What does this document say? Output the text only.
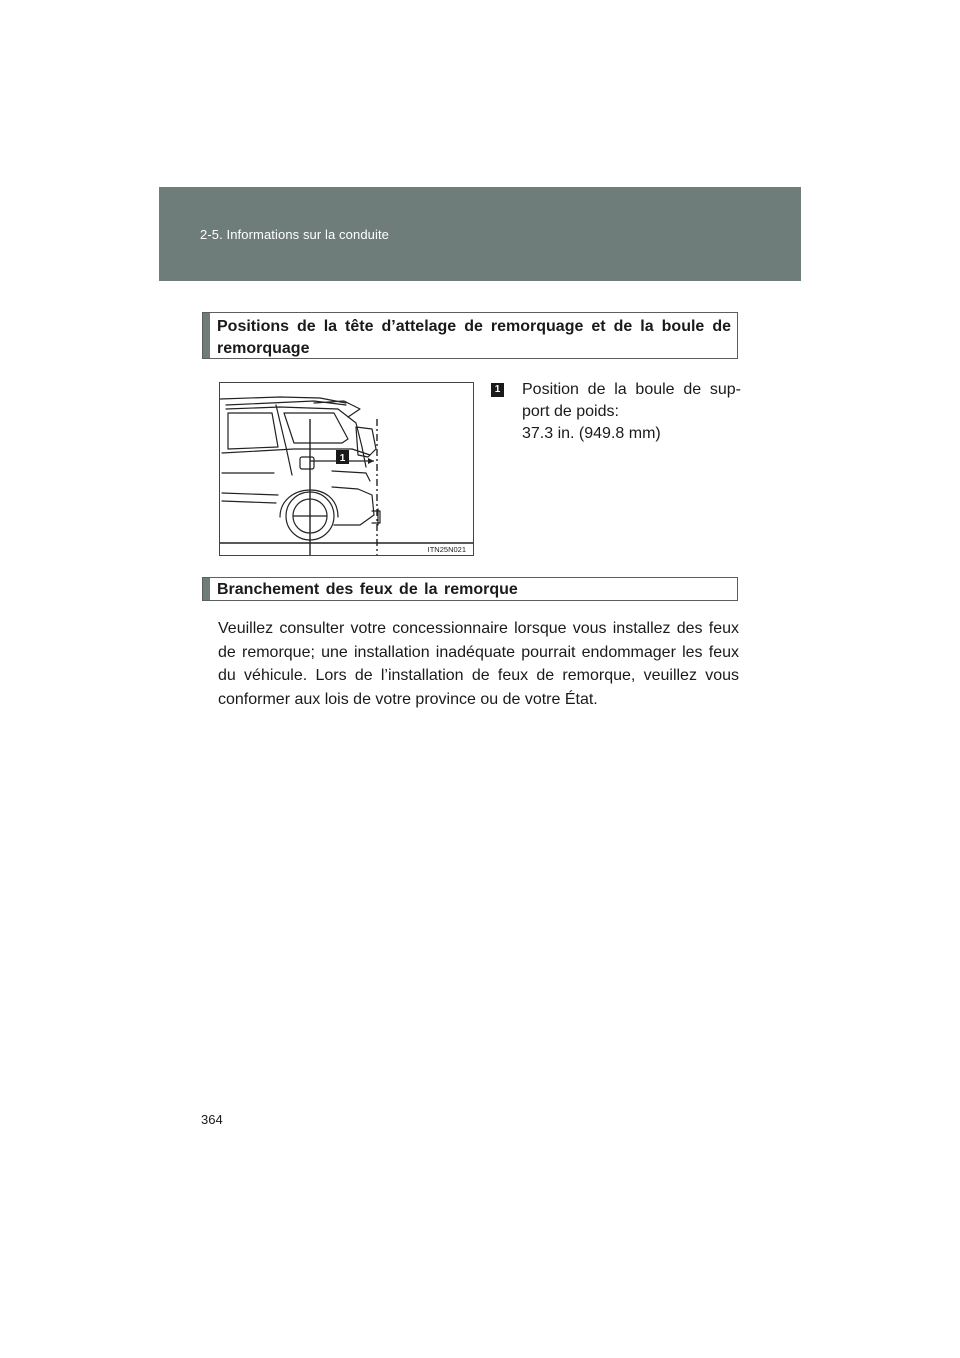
2-5. Informations sur la conduite
Positions de la tête d’attelage de remorquage et de la boule de remorquage
1
ITN25N021
1 Position de la boule de sup-port de poids:
37.3 in. (949.8 mm)
Branchement des feux de la remorque

Veuillez consulter votre concessionnaire lorsque vous installez des feux de remorque; une installation inadéquate pourrait endommager les feux du véhicule. Lors de l’installation de feux de remorque, veuillez vous conformer aux lois de votre province ou de votre État.

364
